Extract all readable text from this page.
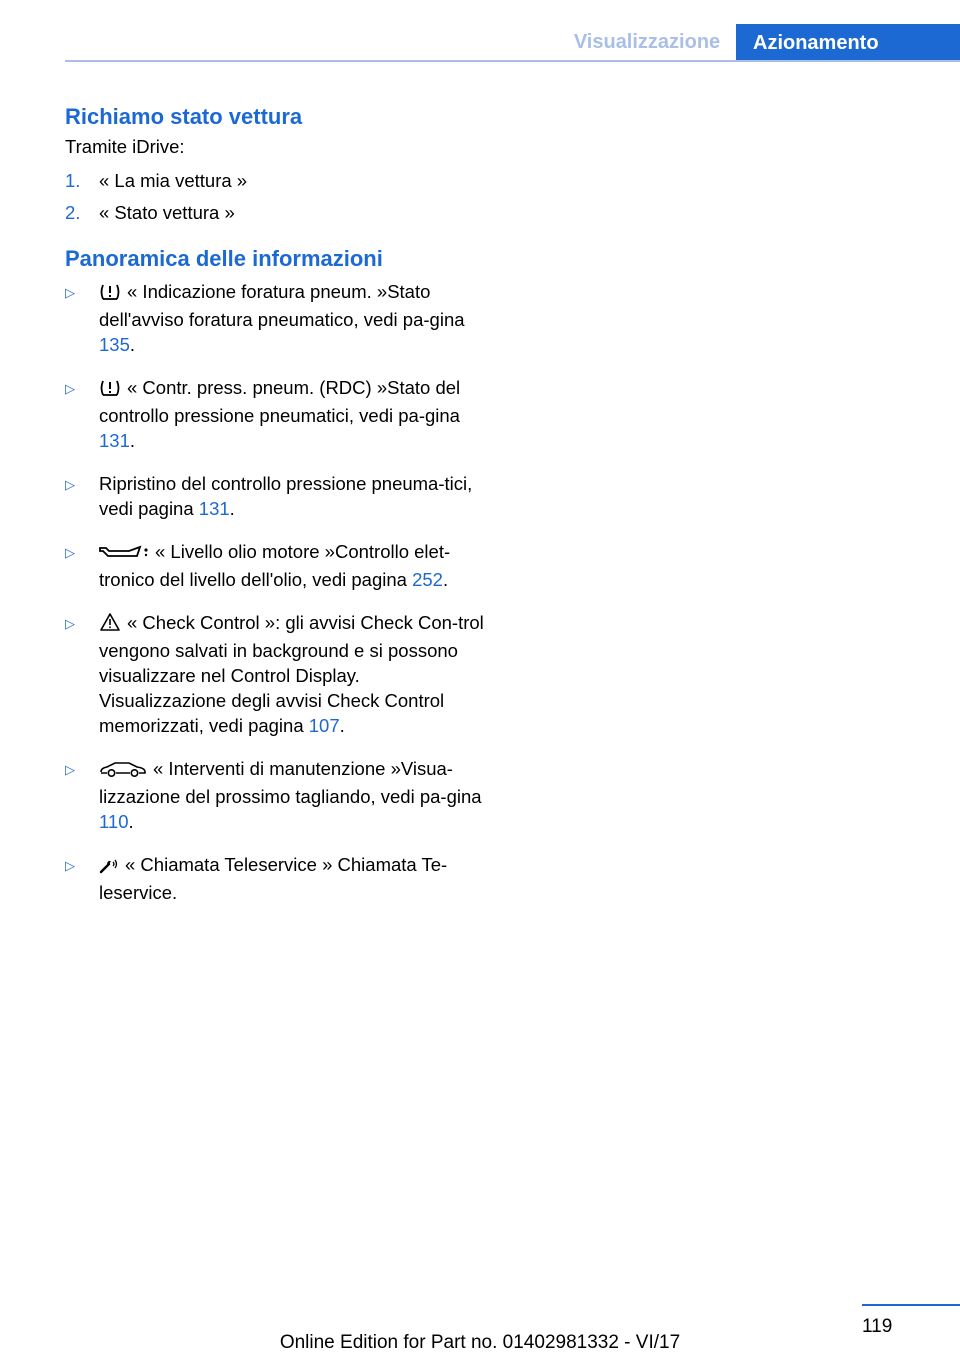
Visualizzazione	Azionamento
Richiamo stato vettura

Tramite iDrive:

1.	« La mia vettura »
2.	« Stato vettura »
Panoramica delle informazioni
▷	« Indicazione foratura pneum. »Stato dell'avviso foratura pneumatico, vedi pa-gina 135.
▷	« Contr. press. pneum. (RDC) »Stato del controllo pressione pneumatici, vedi pa-gina 131.
▷	Ripristino del controllo pressione pneuma-tici, vedi pagina 131.
▷	« Livello olio motore »Controllo elet-tronico del livello dell'olio, vedi pagina 252.
▷	« Check Control »: gli avvisi Check Con-trol vengono salvati in background e si possono visualizzare nel Control Display. Visualizzazione degli avvisi Check Control memorizzati, vedi pagina 107.
▷	« Interventi di manutenzione »Visua-lizzazione del prossimo tagliando, vedi pa-gina 110.
▷	« Chiamata Teleservice » Chiamata Te-leservice.
119
Online Edition for Part no. 01402981332 - VI/17
